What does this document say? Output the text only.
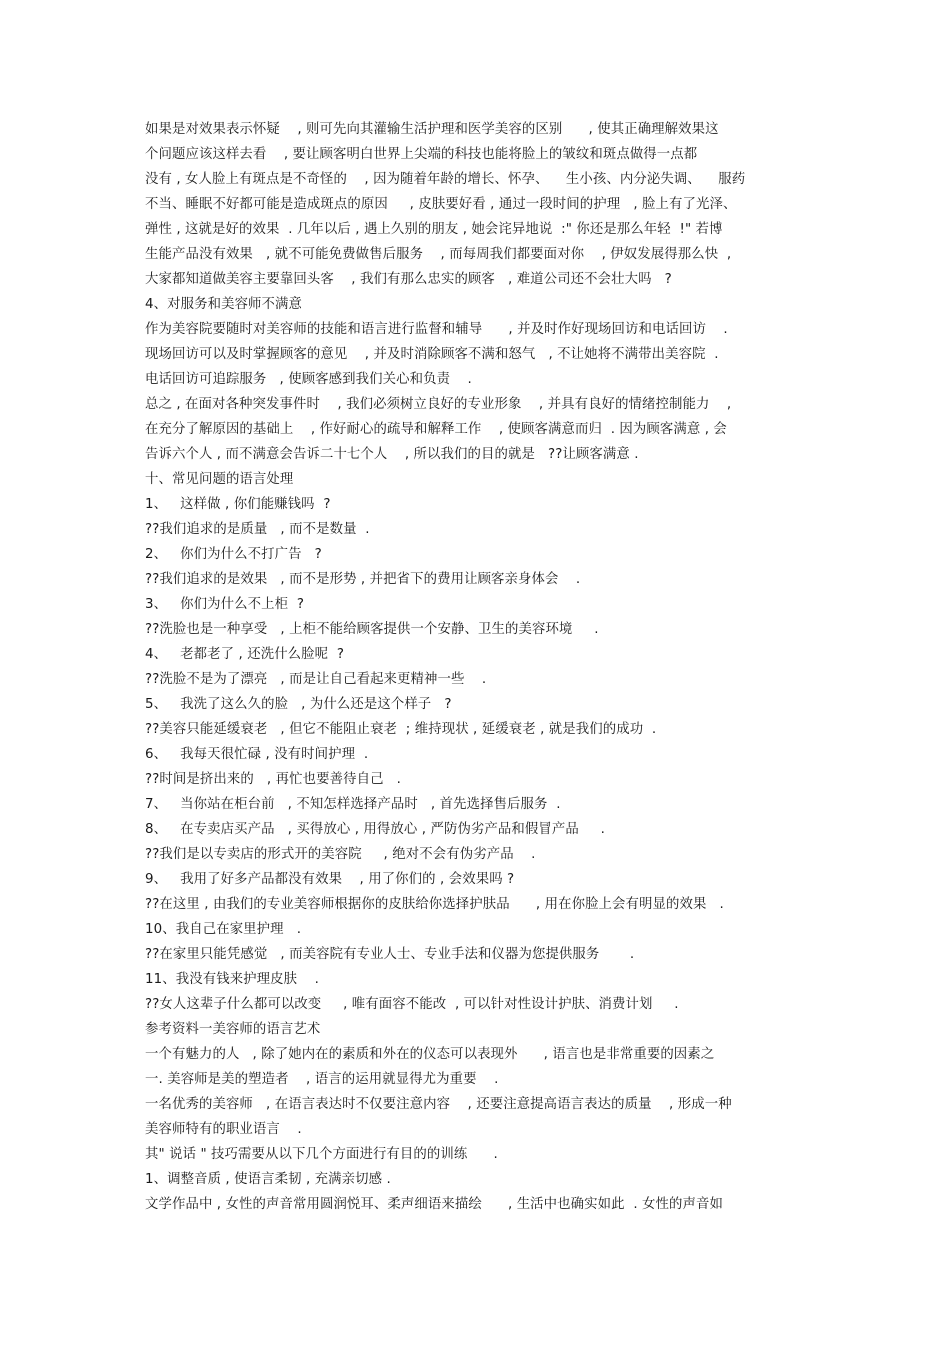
如果是对效果表示怀疑    , 则可先向其灌输生活护理和医学美容的区别      , 使其正确理解效果这
个问题应该这样去看    , 要让顾客明白世界上尖端的科技也能将脸上的皱纹和斑点做得一点都
没有 , 女人脸上有斑点是不奇怪的    , 因为随着年龄的增长、怀孕、    生小孩、内分泌失调、    服药
不当、睡眠不好都可能是造成斑点的原因     , 皮肤要好看 , 通过一段时间的护理   , 脸上有了光泽、
弹性 , 这就是好的效果  . 几年以后 , 遇上久别的朋友 , 她会诧异地说  :" 你还是那么年轻  !" 若博
生能产品没有效果   , 就不可能免费做售后服务    , 而每周我们都要面对你    , 伊奴发展得那么快  ,
大家都知道做美容主要靠回头客    , 我们有那么忠实的顾客   , 难道公司还不会壮大吗   ?
4、对服务和美容师不满意
作为美容院要随时对美容师的技能和语言进行监督和辅导      , 并及时作好现场回访和电话回访    .
现场回访可以及时掌握顾客的意见    , 并及时消除顾客不满和怒气   , 不让她将不满带出美容院  .
电话回访可追踪服务   , 使顾客感到我们关心和负责    .
总之 , 在面对各种突发事件时    , 我们必须树立良好的专业形象    , 并具有良好的情绪控制能力    ,
在充分了解原因的基础上    , 作好耐心的疏导和解释工作    , 使顾客满意而归  . 因为顾客满意 , 会
告诉六个人 , 而不满意会告诉二十七个人    , 所以我们的目的就是   ??让顾客满意 .
十、常见问题的语言处理
1、   这样做 , 你们能赚钱吗  ?
??我们追求的是质量   , 而不是数量  .
2、   你们为什么不打广告   ?
??我们追求的是效果   , 而不是形势 , 并把省下的费用让顾客亲身体会    .
3、   你们为什么不上柜  ?
??洗脸也是一种享受   , 上柜不能给顾客提供一个安静、卫生的美容环境     .
4、   老都老了 , 还洗什么脸呢  ?
??洗脸不是为了漂亮   , 而是让自己看起来更精神一些    .
5、   我洗了这么久的脸   , 为什么还是这个样子   ?
??美容只能延缓衰老   , 但它不能阻止衰老  ; 维持现状 , 延缓衰老 , 就是我们的成功  .
6、   我每天很忙碌 , 没有时间护理  .
??时间是挤出来的   , 再忙也要善待自己   .
7、   当你站在柜台前   , 不知怎样选择产品时   , 首先选择售后服务  .
8、   在专卖店买产品   , 买得放心 , 用得放心 , 严防伪劣产品和假冒产品     .
??我们是以专卖店的形式开的美容院     , 绝对不会有伪劣产品    .
9、   我用了好多产品都没有效果    , 用了你们的 , 会效果吗 ?
??在这里 , 由我们的专业美容师根据你的皮肤给你选择护肤品      , 用在你脸上会有明显的效果   .
10、我自己在家里护理   .
??在家里只能凭感觉   , 而美容院有专业人士、专业手法和仪器为您提供服务       .
11、我没有钱来护理皮肤    .
??女人这辈子什么都可以改变     , 唯有面容不能改  , 可以针对性设计护肤、消费计划     .
参考资料一美容师的语言艺术
一个有魅力的人   , 除了她内在的素质和外在的仪态可以表现外      , 语言也是非常重要的因素之
一. 美容师是美的塑造者    , 语言的运用就显得尤为重要    .
一名优秀的美容师   , 在语言表达时不仅要注意内容    , 还要注意提高语言表达的质量    , 形成一种
美容师特有的职业语言    .
其" 说话 " 技巧需要从以下几个方面进行有目的的训练      .
1、调整音质 , 使语言柔韧 , 充满亲切感 .
文学作品中 , 女性的声音常用圆润悦耳、柔声细语来描绘      , 生活中也确实如此  . 女性的声音如
